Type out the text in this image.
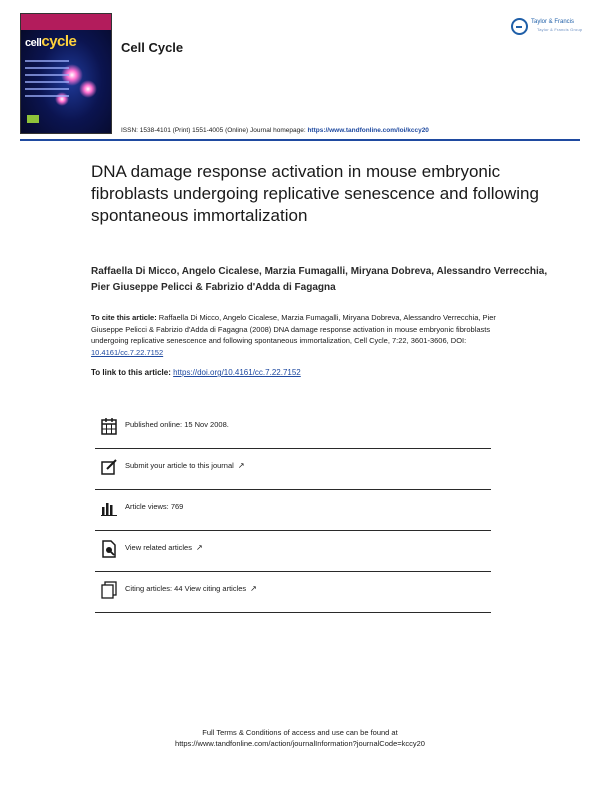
cellcycle	Cell Cycle
Taylor & Francis
Taylor & Francis Group
ISSN: 1538-4101 (Print) 1551-4005 (Online) Journal homepage: https://www.tandfonline.com/loi/kccy20
DNA damage response activation in mouse embryonic fibroblasts undergoing replicative senescence and following spontaneous immortalization
Raffaella Di Micco, Angelo Cicalese, Marzia Fumagalli, Miryana Dobreva, Alessandro Verrecchia, Pier Giuseppe Pelicci & Fabrizio d'Adda di Fagagna
To cite this article: Raffaella Di Micco, Angelo Cicalese, Marzia Fumagalli, Miryana Dobreva, Alessandro Verrecchia, Pier Giuseppe Pelicci & Fabrizio d'Adda di Fagagna (2008) DNA damage response activation in mouse embryonic fibroblasts undergoing replicative senescence and following spontaneous immortalization, Cell Cycle, 7:22, 3601-3606, DOI: 10.4161/cc.7.22.7152
To link to this article: https://doi.org/10.4161/cc.7.22.7152
Published online: 15 Nov 2008.
Submit your article to this journal ↗
Article views: 769
View related articles ↗
Citing articles: 44 View citing articles ↗
Full Terms & Conditions of access and use can be found at
https://www.tandfonline.com/action/journalInformation?journalCode=kccy20
